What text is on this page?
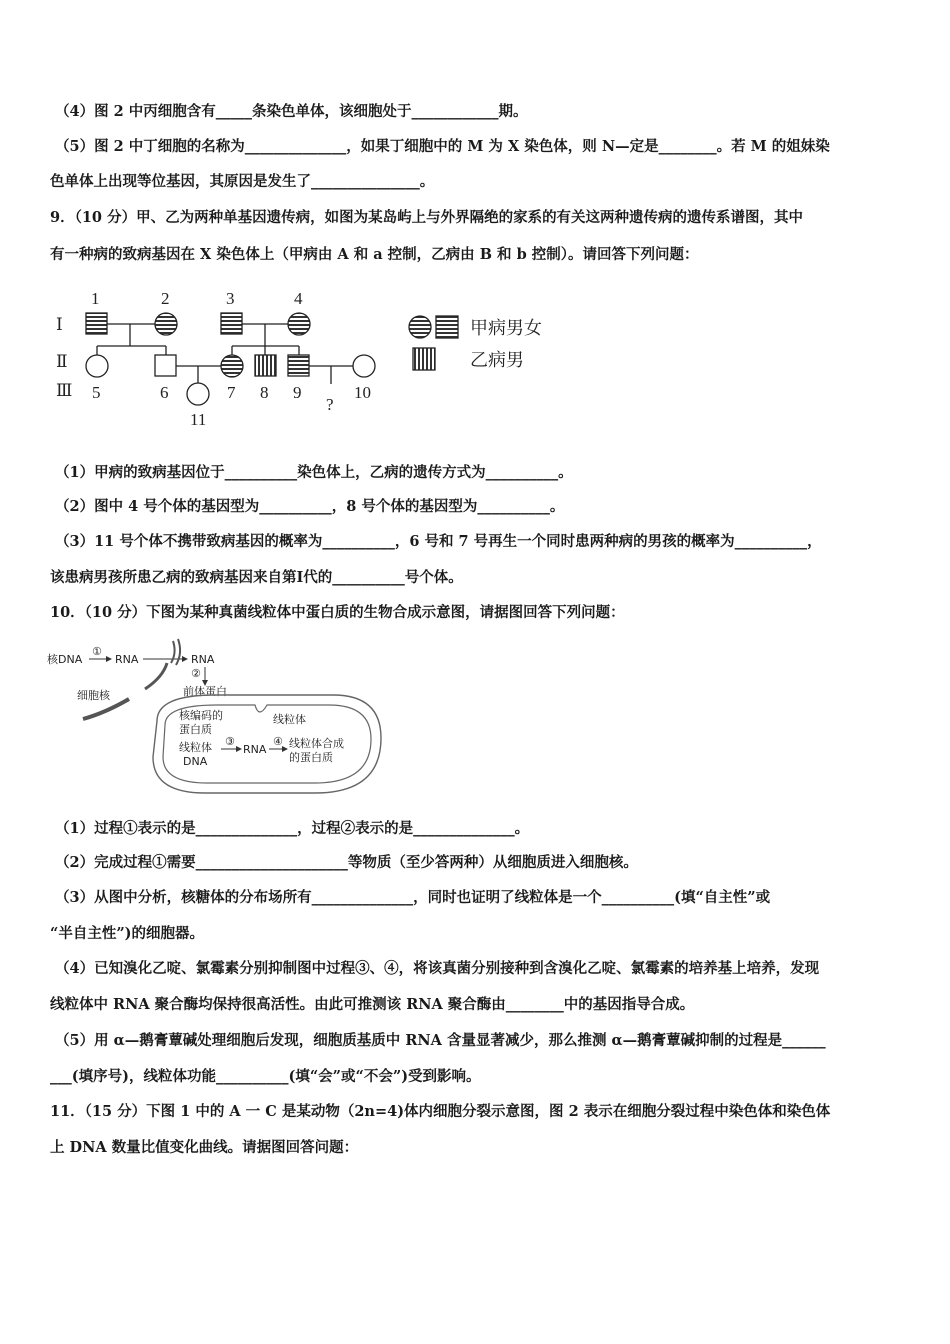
（4）图 2 中丙细胞含有_____条染色单体，该细胞处于____________期。
（5）图 2 中丁细胞的名称为______________，如果丁细胞中的 M 为 X 染色体，则 N—定是________。若 M 的姐妹染
色单体上出现等位基因，其原因是发生了_______________。
9．（10 分）甲、乙为两种单基因遗传病，如图为某岛屿上与外界隔绝的家系的有关这两种遗传病的遗传系谱图，其中
有一种病的致病基因在 X 染色体上（甲病由 A 和 a 控制，乙病由 B 和 b 控制）。请回答下列问题：
Ⅰ
Ⅱ
Ⅲ
?
1	2	3	4
5	6	7 8 9	10
11
甲病男女
乙病男
（1）甲病的致病基因位于__________染色体上，乙病的遗传方式为__________。
（2）图中 4 号个体的基因型为__________，8 号个体的基因型为__________。
（3）11 号个体不携带致病基因的概率为__________，6 号和 7 号再生一个同时患两种病的男孩的概率为__________，
该患病男孩所患乙病的致病基因来自第Ⅰ代的__________号个体。
10．（10 分）下图为某种真菌线粒体中蛋白质的生物合成示意图，请据图回答下列问题：
核DNA
①
RNA	RNA
②
前体蛋白
细胞核
线粒体
核编码的
蛋白质
线粒体
DNA
③
RNA
④ 线粒体合成
的蛋白质
（1）过程①表示的是______________，过程②表示的是______________。
（2）完成过程①需要_____________________等物质（至少答两种）从细胞质进入细胞核。
（3）从图中分析，核糖体的分布场所有______________，同时也证明了线粒体是一个__________(填“自主性”或
“半自主性”)的细胞器。
（4）已知溴化乙啶、氯霉素分别抑制图中过程③、④，将该真菌分别接种到含溴化乙啶、氯霉素的培养基上培养，发现
线粒体中 RNA 聚合酶均保持很高活性。由此可推测该 RNA 聚合酶由________中的基因指导合成。
（5）用 α—鹅膏蕈碱处理细胞后发现，细胞质基质中 RNA 含量显著减少，那么推测 α—鹅膏蕈碱抑制的过程是______
___(填序号)，线粒体功能__________(填“会”或“不会”)受到影响。
11．（15 分）下图 1 中的 A 一 C 是某动物（2n=4)体内细胞分裂示意图，图 2 表示在细胞分裂过程中染色体和染色体
上 DNA 数量比值变化曲线。请据图回答问题：
